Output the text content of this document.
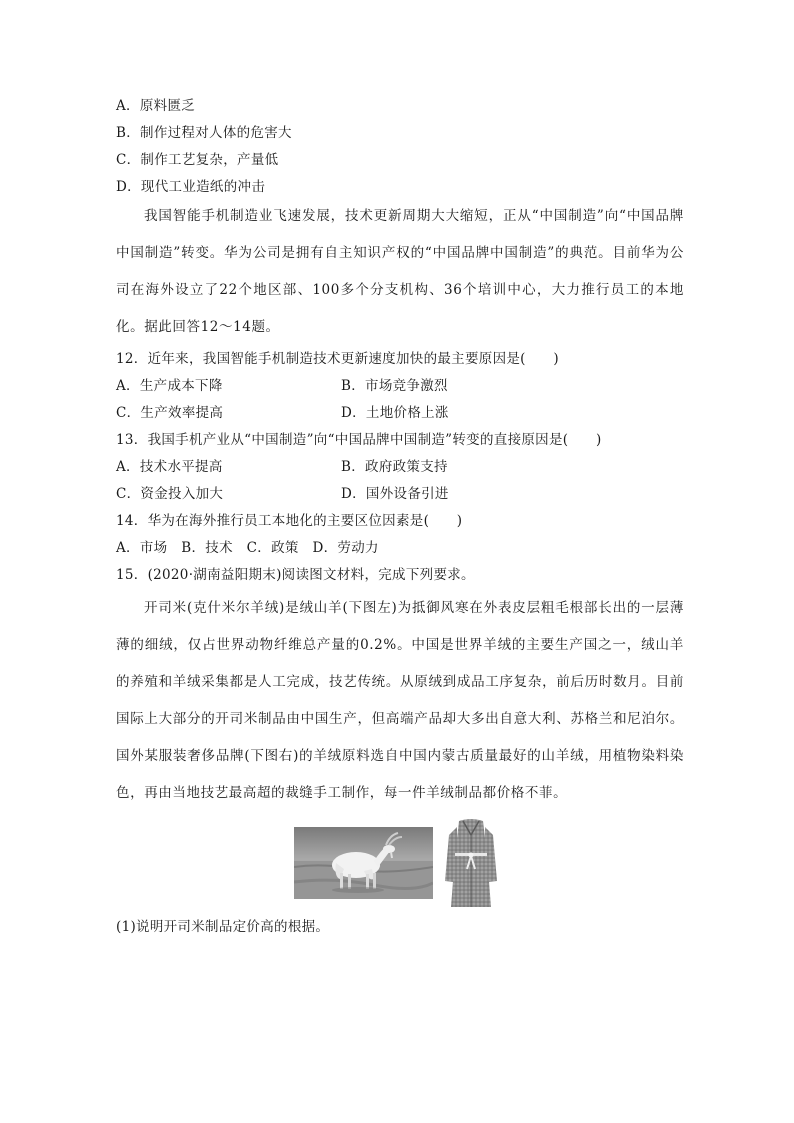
A．原料匮乏
B．制作过程对人体的危害大
C．制作工艺复杂，产量低
D．现代工业造纸的冲击
我国智能手机制造业飞速发展，技术更新周期大大缩短，正从“中国制造”向“中国品牌中国制造”转变。华为公司是拥有自主知识产权的“中国品牌中国制造”的典范。目前华为公司在海外设立了22个地区部、100多个分支机构、36个培训中心，大力推行员工的本地化。据此回答12～14题。
12．近年来，我国智能手机制造技术更新速度加快的最主要原因是(　　)
A．生产成本下降	B．市场竞争激烈
C．生产效率提高	D．土地价格上涨
13．我国手机产业从“中国制造”向“中国品牌中国制造”转变的直接原因是(　　)
A．技术水平提高	B．政府政策支持
C．资金投入加大	D．国外设备引进
14．华为在海外推行员工本地化的主要区位因素是(　　)
A．市场　B．技术　C．政策　D．劳动力
15．(2020·湖南益阳期末)阅读图文材料，完成下列要求。
开司米(克什米尔羊绒)是绒山羊(下图左)为抵御风寒在外表皮层粗毛根部长出的一层薄薄的细绒，仅占世界动物纤维总产量的0.2%。中国是世界羊绒的主要生产国之一，绒山羊的养殖和羊绒采集都是人工完成，技艺传统。从原绒到成品工序复杂，前后历时数月。目前国际上大部分的开司米制品由中国生产，但高端产品却大多出自意大利、苏格兰和尼泊尔。国外某服装奢侈品牌(下图右)的羊绒原料选自中国内蒙古质量最好的山羊绒，用植物染料染色，再由当地技艺最高超的裁缝手工制作，每一件羊绒制品都价格不菲。
(1)说明开司米制品定价高的根据。
